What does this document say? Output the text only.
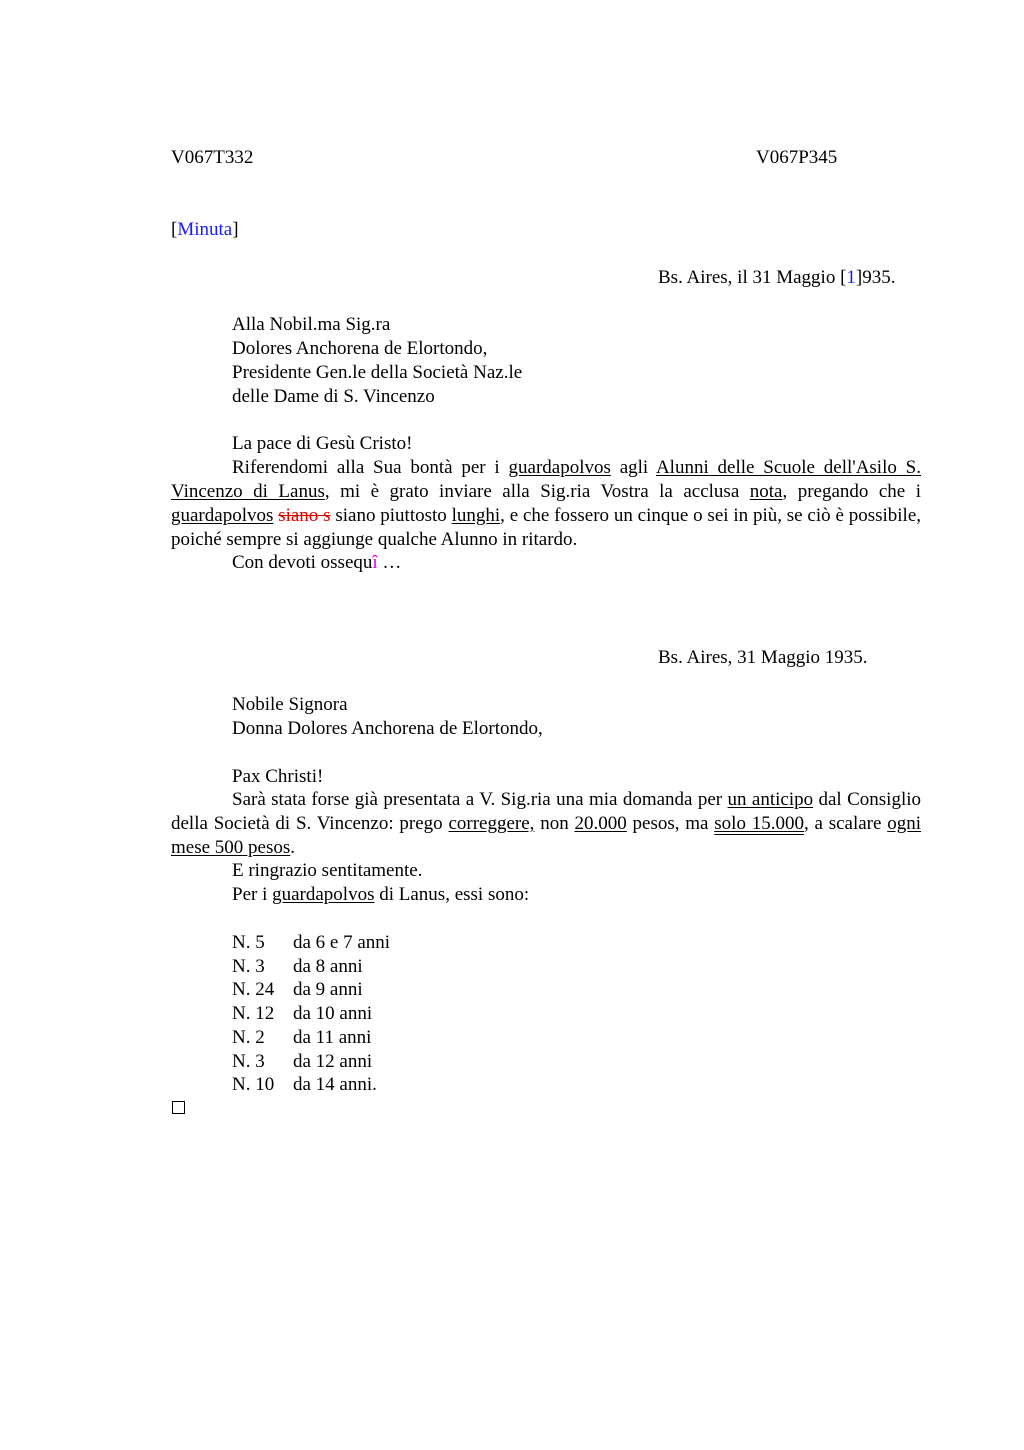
V067T332	V067P345
[Minuta]
Bs. Aires, il 31 Maggio [1]935.
Alla Nobil.ma Sig.ra
Dolores Anchorena de Elortondo,
Presidente Gen.le della Società Naz.le
delle Dame di S. Vincenzo
La pace di Gesù Cristo!
Riferendomi alla Sua bontà per i guardapolvos agli Alunni delle Scuole dell'Asilo S. Vincenzo di Lanus, mi è grato inviare alla Sig.ria Vostra la acclusa nota, pregando che i guardapolvos siano s siano piuttosto lunghi, e che fossero un cinque o sei in più, se ciò è possibile, poiché sempre si aggiunge qualche Alunno in ritardo.
Con devoti ossequî …
Bs. Aires, 31 Maggio 1935.
Nobile Signora
Donna Dolores Anchorena de Elortondo,
Pax Christi!
Sarà stata forse già presentata a V. Sig.ria una mia domanda per un anticipo dal Consiglio della Società di S. Vincenzo: prego correggere, non 20.000 pesos, ma solo 15.000, a scalare ogni mese 500 pesos.
E ringrazio sentitamente.
Per i guardapolvos di Lanus, essi sono:
N. 5 da 6 e 7 anni
N. 3 da 8 anni
N. 24 da 9 anni
N. 12 da 10 anni
N. 2 da 11 anni
N. 3 da 12 anni
N. 10 da 14 anni.
